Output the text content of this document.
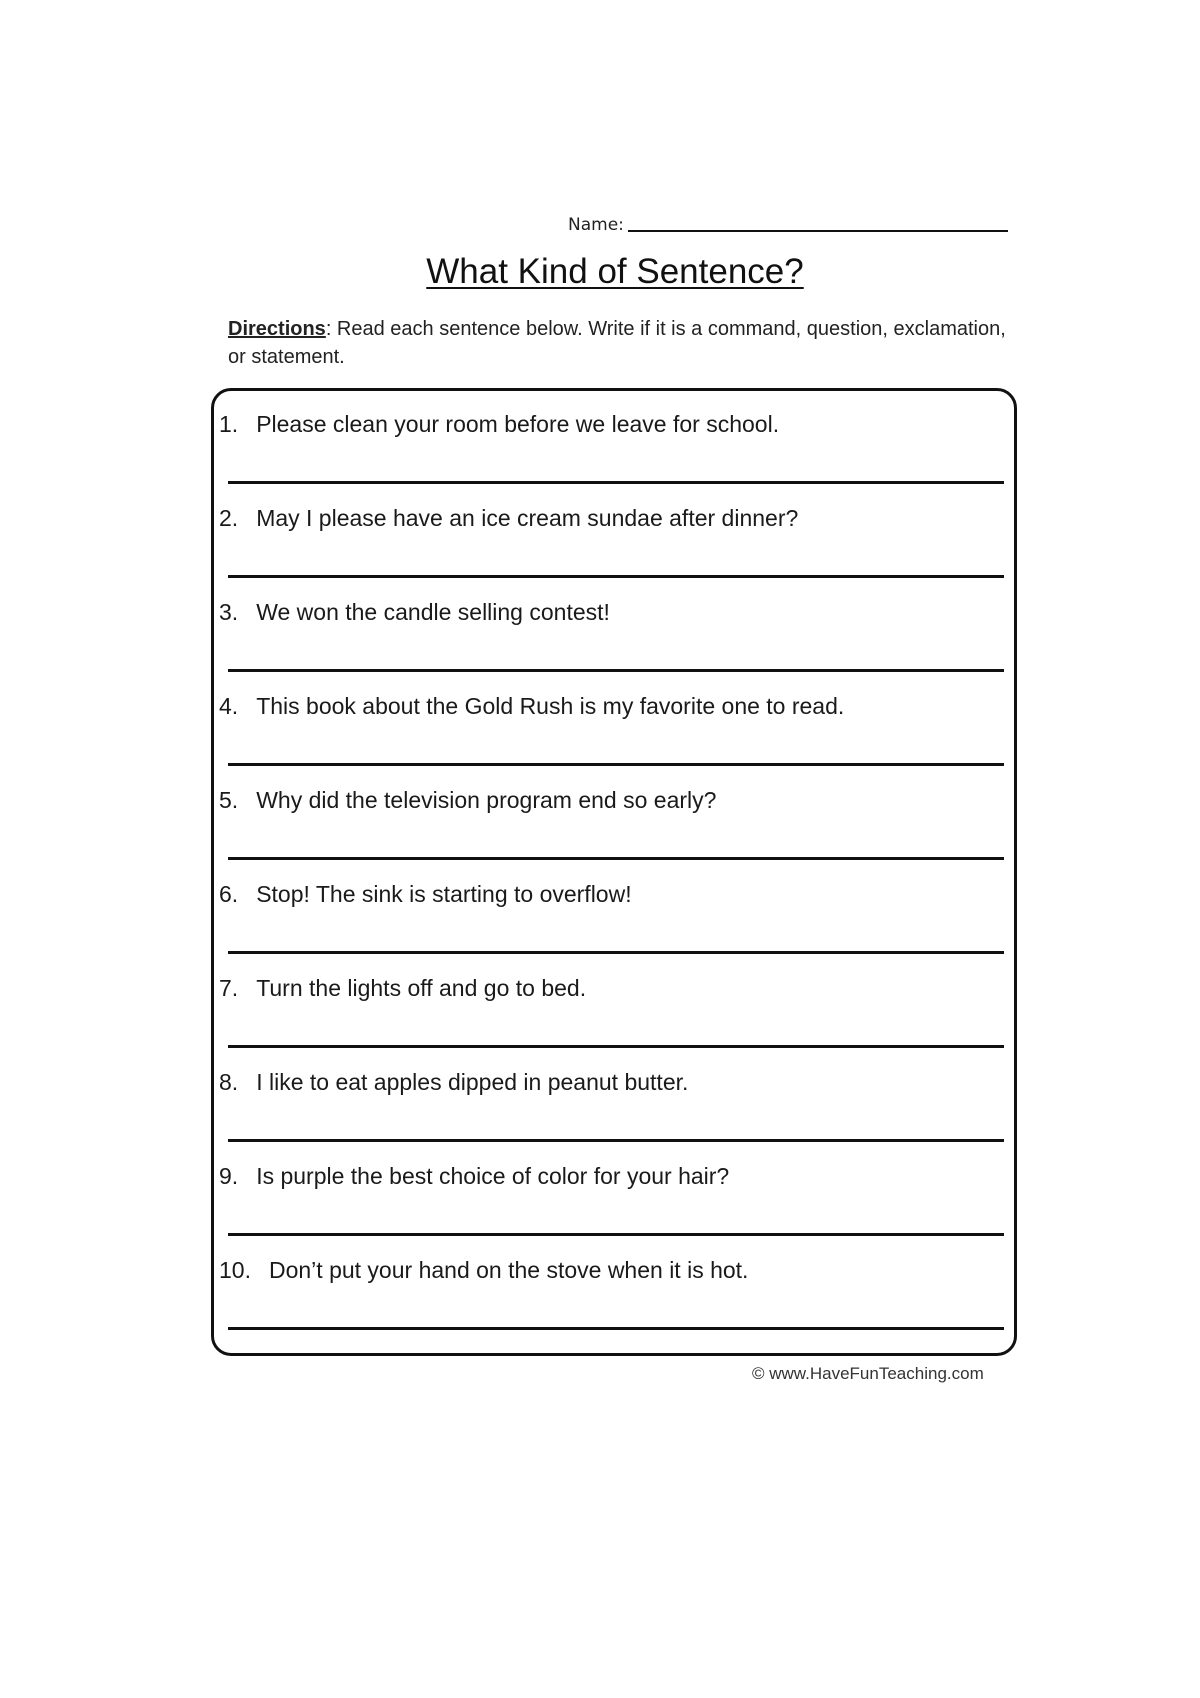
Name:
What Kind of Sentence?
Directions: Read each sentence below. Write if it is a command, question, exclamation, or statement.
1. Please clean your room before we leave for school.
2. May I please have an ice cream sundae after dinner?
3. We won the candle selling contest!
4. This book about the Gold Rush is my favorite one to read.
5. Why did the television program end so early?
6. Stop! The sink is starting to overflow!
7. Turn the lights off and go to bed.
8. I like to eat apples dipped in peanut butter.
9. Is purple the best choice of color for your hair?
10. Don’t put your hand on the stove when it is hot.
© www.HaveFunTeaching.com
